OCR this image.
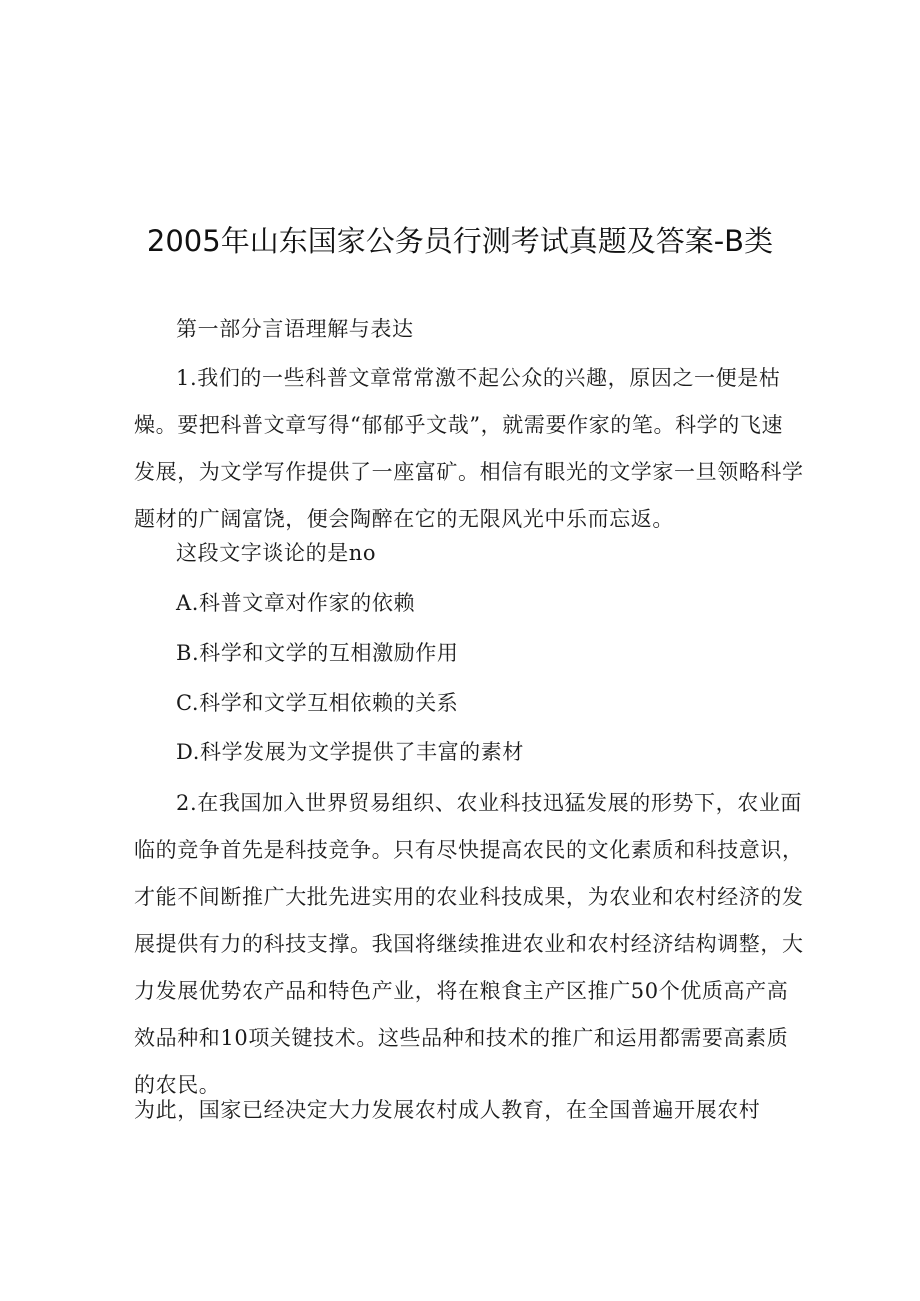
2005年山东国家公务员行测考试真题及答案-B类

第一部分言语理解与表达

1.我们的一些科普文章常常激不起公众的兴趣，原因之一便是枯燥。要把科普文章写得“郁郁乎文哉”，就需要作家的笔。科学的飞速发展，为文学写作提供了一座富矿。相信有眼光的文学家一旦领略科学题材的广阔富饶，便会陶醉在它的无限风光中乐而忘返。

这段文字谈论的是no

A.科普文章对作家的依赖

B.科学和文学的互相激励作用

C.科学和文学互相依赖的关系

D.科学发展为文学提供了丰富的素材

2.在我国加入世界贸易组织、农业科技迅猛发展的形势下，农业面临的竞争首先是科技竞争。只有尽快提高农民的文化素质和科技意识，才能不间断推广大批先进实用的农业科技成果，为农业和农村经济的发展提供有力的科技支撑。我国将继续推进农业和农村经济结构调整，大力发展优势农产品和特色产业，将在粮食主产区推广50个优质高产高效品种和10项关键技术。这些品种和技术的推广和运用都需要高素质的农民。

为此，国家已经决定大力发展农村成人教育，在全国普遍开展农村
